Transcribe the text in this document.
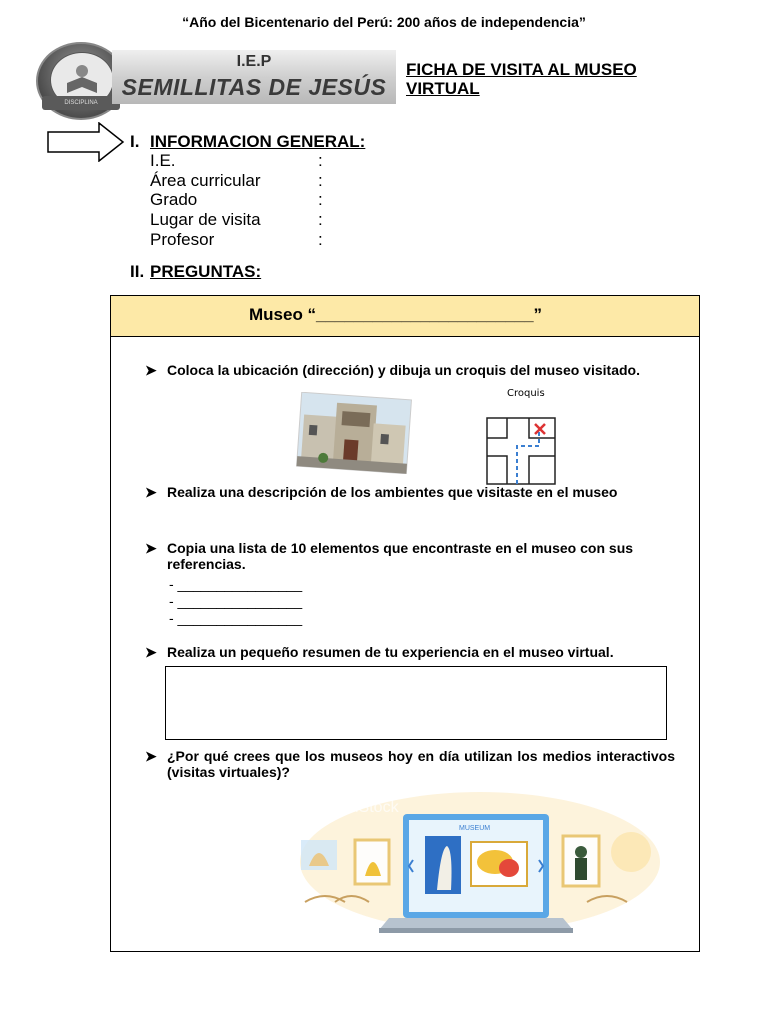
“Año del Bicentenario del Perú: 200 años de independencia”
DISCIPLINA
I.E.P
SEMILLITAS DE JESÚS
FICHA DE VISITA AL MUSEO
VIRTUAL
I. INFORMACION GENERAL:
I.E.	:
Área curricular	:
Grado	:
Lugar de visita	:
Profesor	:
II. PREGUNTAS:
Museo “_______________________”
➤ Coloca la ubicación (dirección) y dibuja un croquis del museo visitado.
Croquis
➤ Realiza una descripción de los ambientes que visitaste en el museo
➤ Copia una lista de 10 elementos que encontraste en el museo con sus referencias.
- ________________
- ________________
- ________________
➤ Realiza un pequeño resumen de tu experiencia en el museo virtual.
➤ ¿Por qué crees que los museos hoy en día utilizan los medios interactivos (visitas virtuales)?
MUSEUM
iStock
